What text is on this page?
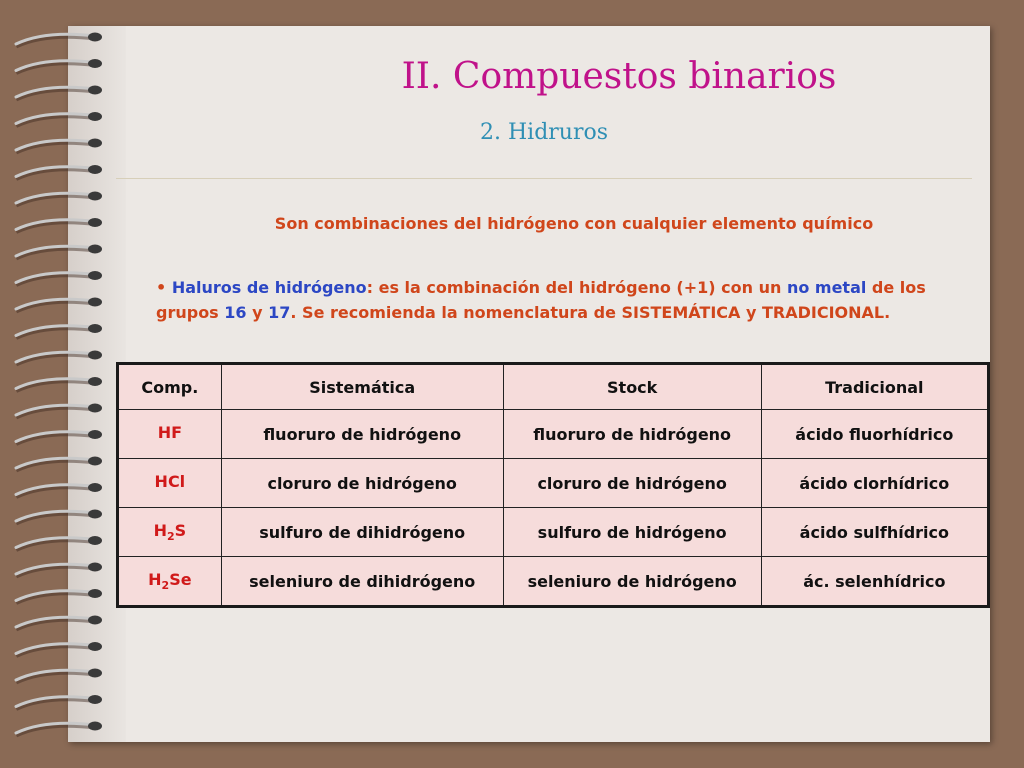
II. Compuestos binarios
2. Hidruros
Son combinaciones del hidrógeno con cualquier elemento químico
• Haluros de hidrógeno: es la combinación del hidrógeno (+1) con un no metal de los grupos 16 y 17. Se recomienda la nomenclatura de SISTEMÁTICA y TRADICIONAL.
Comp.	Sistemática	Stock	Tradicional
HF	fluoruro de hidrógeno	fluoruro de hidrógeno	ácido fluorhídrico
HCl	cloruro de hidrógeno	cloruro de hidrógeno	ácido clorhídrico
$H_2S$	sulfuro de dihidrógeno	sulfuro de hidrógeno	ácido sulfhídrico
$H_2Se$	seleniuro de dihidrógeno	seleniuro de hidrógeno	ác. selenhídrico
